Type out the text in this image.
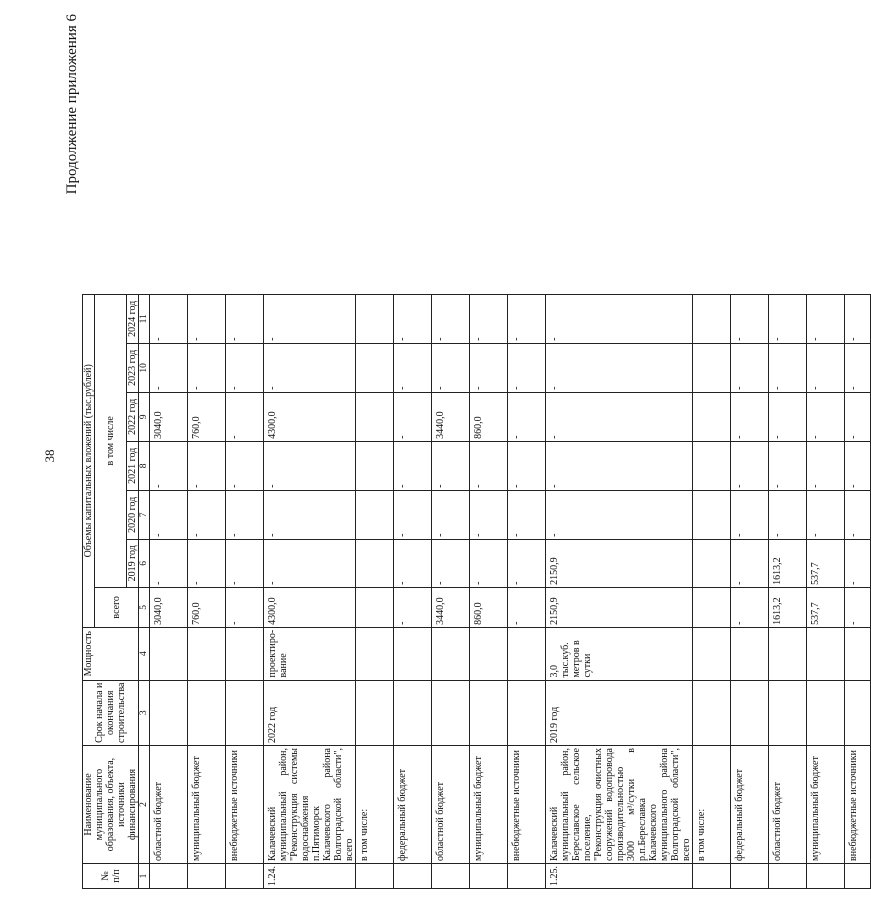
38
Продолжение приложения 6
№
п/п	Наименование муниципального образования, объекта, источники финансирования	Срок начала и окончания строительства	Мощность	Объемы капитальных вложений (тыс.рублей)						
				всего	в том числе					
					2019 год	2020 год	2021 год	2022 год	2023 год	2024 год
1	2	3	4	5	6	7	8	9	10	11
	областной бюджет			3040,0	-	-	-	3040,0	-	-
	муниципальный бюджет			760,0	-	-	-	760,0	-	-
	внебюджетные источники			-	-	-	-	-	-	-
1.24.	Калачевский муниципальный район, "Реконструкция системы водоснабжения п.Пятиморск Калачевского района Волгоградской области", всего	2022 год	проектиро-вание	4300,0	-	-	-	4300,0	-	-
	в том числе:									
	федеральный бюджет			-	-	-	-	-	-	-
	областной бюджет			3440,0	-	-	-	3440,0	-	-
	муниципальный бюджет			860,0	-	-	-	860,0	-	-
	внебюджетные источники			-	-	-	-	-	-	-
1.25.	Калачевский муниципальный район, Береславское сельское поселение, "Реконструкция очистных сооружений водопровода производительностью 3000 м³/сутки в р.п.Береславка Калачевского муниципального района Волгоградской области", всего	2019 год	3,0 тыс.куб. метров в сутки	2150,9	2150,9	-	-	-	-	-
	в том числе:									
	федеральный бюджет			-	-	-	-	-	-	-
	областной бюджет			1613,2	1613,2	-	-	-	-	-
	муниципальный бюджет			537,7	537,7	-	-	-	-	-
	внебюджетные источники			-	-	-	-	-	-	-
